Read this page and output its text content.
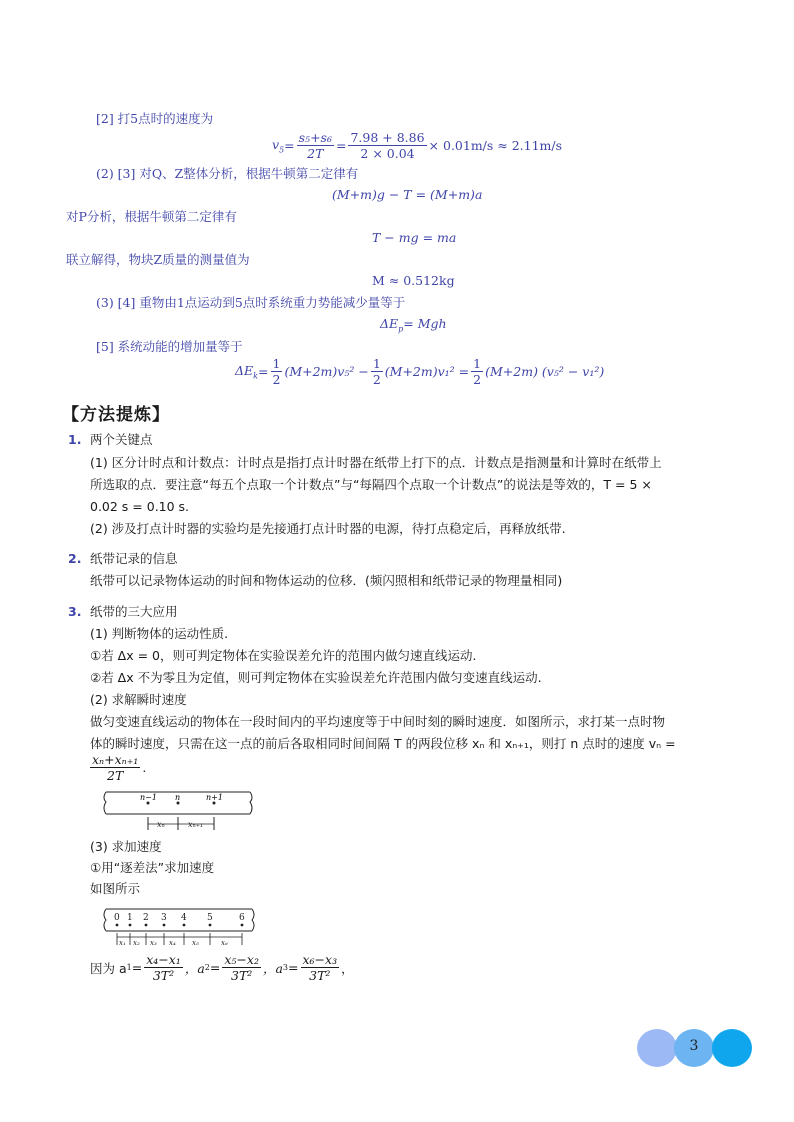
[2] 打5点时的速度为
$v_5 = \frac{\text{s₅+s₆}}{2T} = \frac{7.98 + 8.86}{2 \times 0.04} \times 0.01m/s \approx 2.11m/s$
(2) [3] 对Q、Z整体分析，根据牛顿第二定律有
(M+m)g − T = (M+m)a
对P分析，根据牛顿第二定律有
T − mg = ma
联立解得，物块Z质量的测量值为
M ≈ 0.512kg
(3) [4] 重物由1点运动到5点时系统重力势能减少量等于
$\Delta E_p=$ Mgh
[5] 系统动能的增加量等于
$\Delta E_k = \frac{1}{2} (M+2m)v_5^2 - \frac{1}{2} (M+2m)v_1^2 = \frac{1}{2} (M+2m) (v_5^2 - v_1^2)$
【方法提炼】
1. 两个关键点
(1) 区分计时点和计数点：计时点是指打点计时器在纸带上打下的点．计数点是指测量和计算时在纸带上
所选取的点．要注意“每五个点取一个计数点”与“每隔四个点取一个计数点”的说法是等效的，T = 5 ×
0.02 s = 0.10 s.
(2) 涉及打点计时器的实验均是先接通打点计时器的电源，待打点稳定后，再释放纸带.
2. 纸带记录的信息
纸带可以记录物体运动的时间和物体运动的位移．(频闪照相和纸带记录的物理量相同)
3. 纸带的三大应用
(1) 判断物体的运动性质.
①若 Δx = 0，则可判定物体在实验误差允许的范围内做匀速直线运动.
②若 Δx 不为零且为定值，则可判定物体在实验误差允许范围内做匀变速直线运动.
(2) 求解瞬时速度
做匀变速直线运动的物体在一段时间内的平均速度等于中间时刻的瞬时速度．如图所示，求打某一点时物
体的瞬时速度，只需在这一点的前后各取相同时间间隔 T 的两段位移 xₙ 和 xₙ₊₁，则打 n 点时的速度 vₙ =
$\frac{\text{xₙ+xₙ₊₁}}{2T}$ .
n−1 n	n+1
xₙ	xₙ₊₁
(3) 求加速度
①用“逐差法”求加速度
如图所示
0 1 2 3 4 5	6
x₁ x₂ x₃ x₄ x₅	x₆
因为 a $1 = \frac{\text{x₄−x₁}}{\text{3T²}}$ ，a $2 = \frac{\text{x₅−x₂}}{\text{3T²}}$ ，a $3 = \frac{\text{x₆−x₃}}{\text{3T²}}$ ，
3
